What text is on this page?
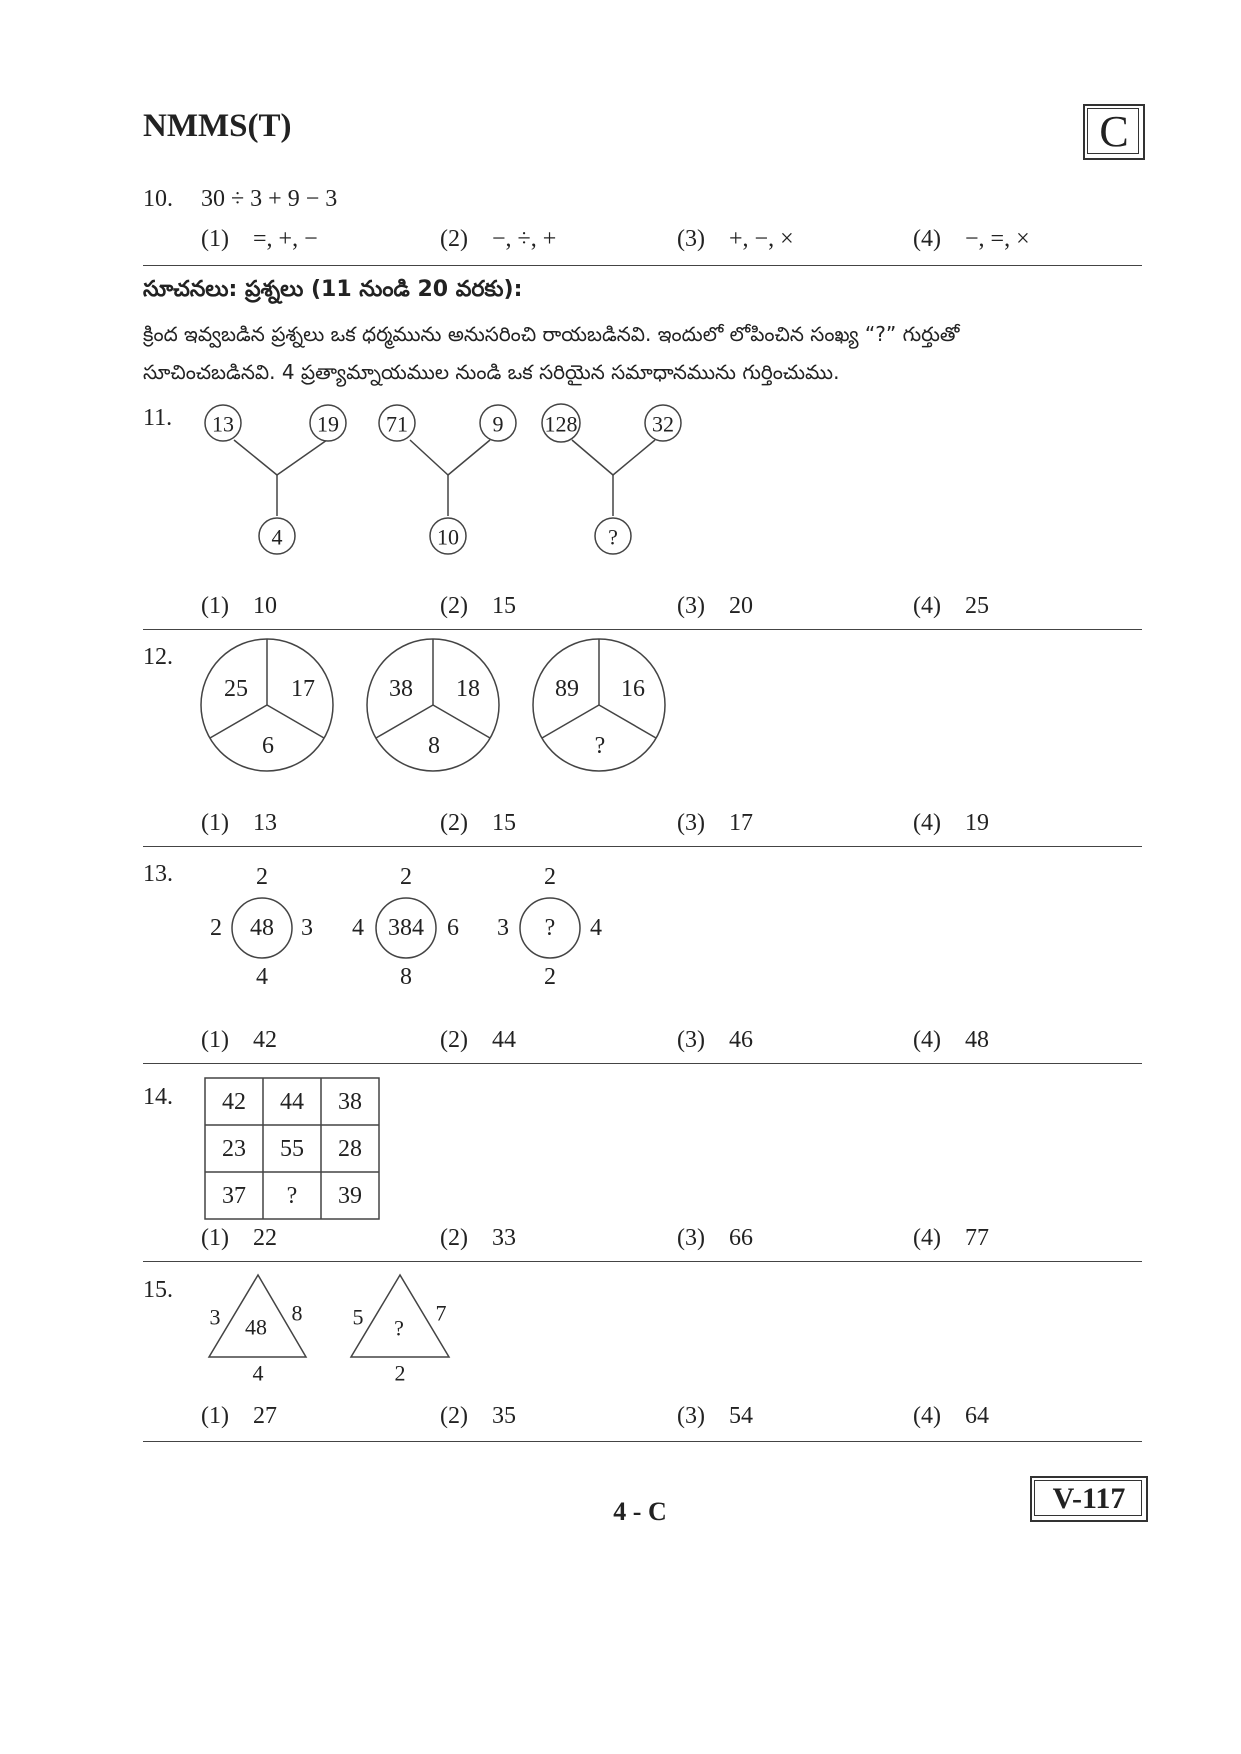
NMMS(T)	C
10. 30 ÷ 3 + 9 − 3
(1) =, +, −	(2) −, ÷, +	(3) +, −, ×	(4) −, =, ×
సూచనలు: ప్రశ్నలు (11 నుండి 20 వరకు):
క్రింద ఇవ్వబడిన ప్రశ్నలు ఒక ధర్మమును అనుసరించి రాయబడినవి. ఇందులో లోపించిన సంఖ్య “?” గుర్తుతో
సూచించబడినవి. 4 ప్రత్యామ్నాయముల నుండి ఒక సరియైన సమాధానమును గుర్తించుము.
11. 13	19
4
71	9
10
128	32
?
(1) 10	(2) 15	(3) 20	(4) 25
12.
25 17
6
38 18
8
89 16
?
(1) 13	(2) 15	(3) 17	(4) 19
13.	2
2 48 3
4
2
4 384 6
8
2
3 ? 4
2
(1) 42	(2) 44	(3) 46	(4) 48
14. 42 44 38
23 55 28
37 ? 39
(1) 22	(2) 33	(3) 66	(4) 77
15.
3 48
8
4
5 ?
7
2
(1) 27	(2) 35	(3) 54	(4) 64
4 - C	V-117
